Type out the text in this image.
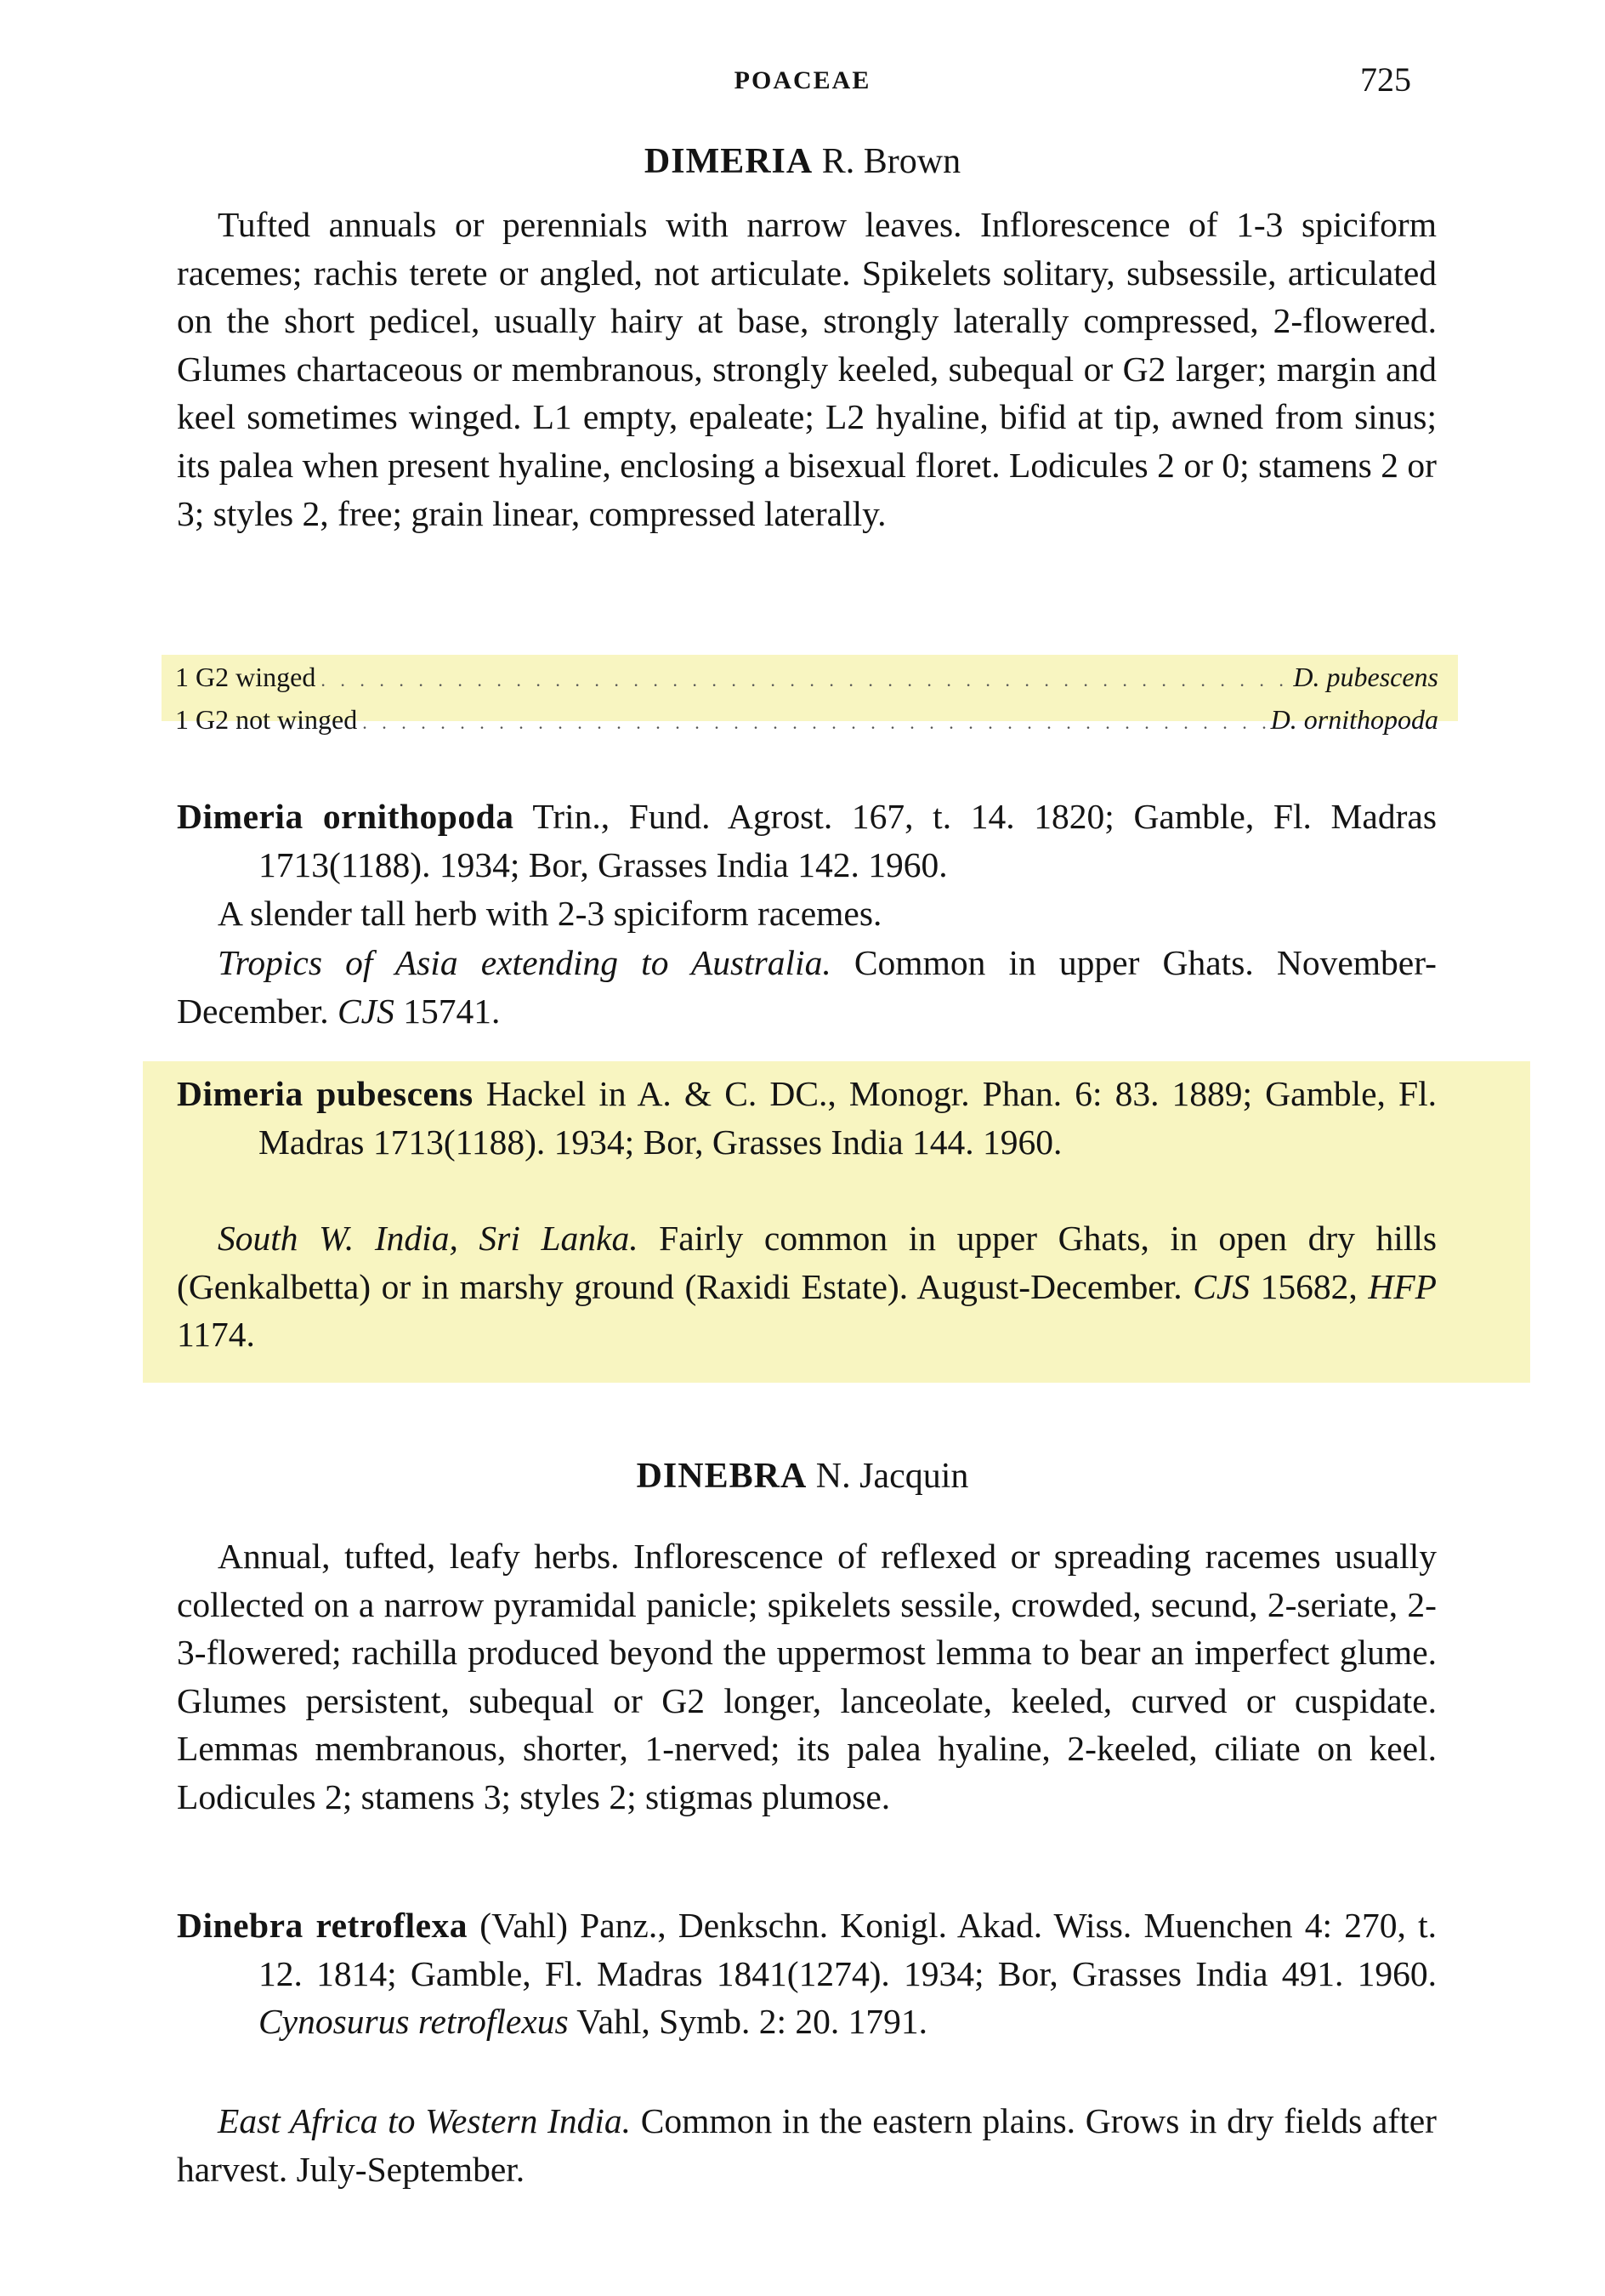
POACEAE	725
DIMERIA R. Brown
Tufted annuals or perennials with narrow leaves. Inflorescence of 1-3 spiciform racemes; rachis terete or angled, not articulate. Spikelets solitary, subsessile, articulated on the short pedicel, usually hairy at base, strongly laterally compressed, 2-flowered. Glumes chartaceous or membranous, strongly keeled, subequal or G2 larger; margin and keel sometimes winged. L1 empty, epaleate; L2 hyaline, bifid at tip, awned from sinus; its palea when present hyaline, enclosing a bisexual floret. Lodicules 2 or 0; stamens 2 or 3; styles 2, free; grain linear, compressed laterally.
1 G2 winged . . .	D. pubescens
1 G2 not winged . . .	D. ornithopoda
Dimeria ornithopoda Trin., Fund. Agrost. 167, t. 14. 1820; Gamble, Fl. Madras 1713(1188). 1934; Bor, Grasses India 142. 1960.
A slender tall herb with 2-3 spiciform racemes.
Tropics of Asia extending to Australia. Common in upper Ghats. November-December. CJS 15741.
Dimeria pubescens Hackel in A. & C. DC., Monogr. Phan. 6: 83. 1889; Gamble, Fl. Madras 1713(1188). 1934; Bor, Grasses India 144. 1960.
South W. India, Sri Lanka. Fairly common in upper Ghats, in open dry hills (Genkalbetta) or in marshy ground (Raxidi Estate). August-December. CJS 15682, HFP 1174.
DINEBRA N. Jacquin
Annual, tufted, leafy herbs. Inflorescence of reflexed or spreading racemes usually collected on a narrow pyramidal panicle; spikelets sessile, crowded, secund, 2-seriate, 2-3-flowered; rachilla produced beyond the uppermost lemma to bear an imperfect glume. Glumes persistent, subequal or G2 longer, lanceolate, keeled, curved or cuspidate. Lemmas membranous, shorter, 1-nerved; its palea hyaline, 2-keeled, ciliate on keel. Lodicules 2; stamens 3; styles 2; stigmas plumose.
Dinebra retroflexa (Vahl) Panz., Denkschn. Konigl. Akad. Wiss. Muenchen 4: 270, t. 12. 1814; Gamble, Fl. Madras 1841(1274). 1934; Bor, Grasses India 491. 1960. Cynosurus retroflexus Vahl, Symb. 2: 20. 1791.
East Africa to Western India. Common in the eastern plains. Grows in dry fields after harvest. July-September.
